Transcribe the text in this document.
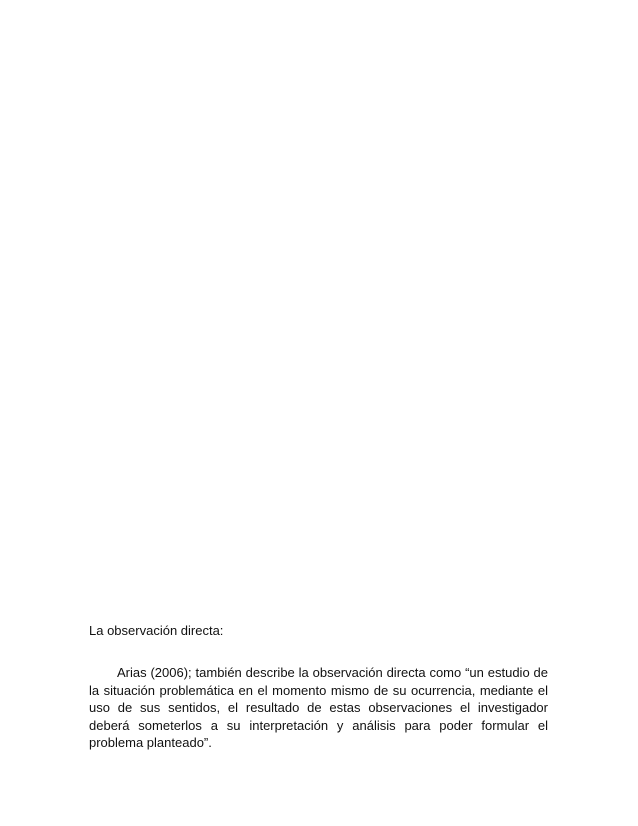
La observación directa:

Arias (2006); también describe la observación directa como “un estudio de la situación problemática en el momento mismo de su ocurrencia, mediante el uso de sus sentidos, el resultado de estas observaciones el investigador deberá someterlos a su interpretación y análisis para poder formular el problema planteado”.
